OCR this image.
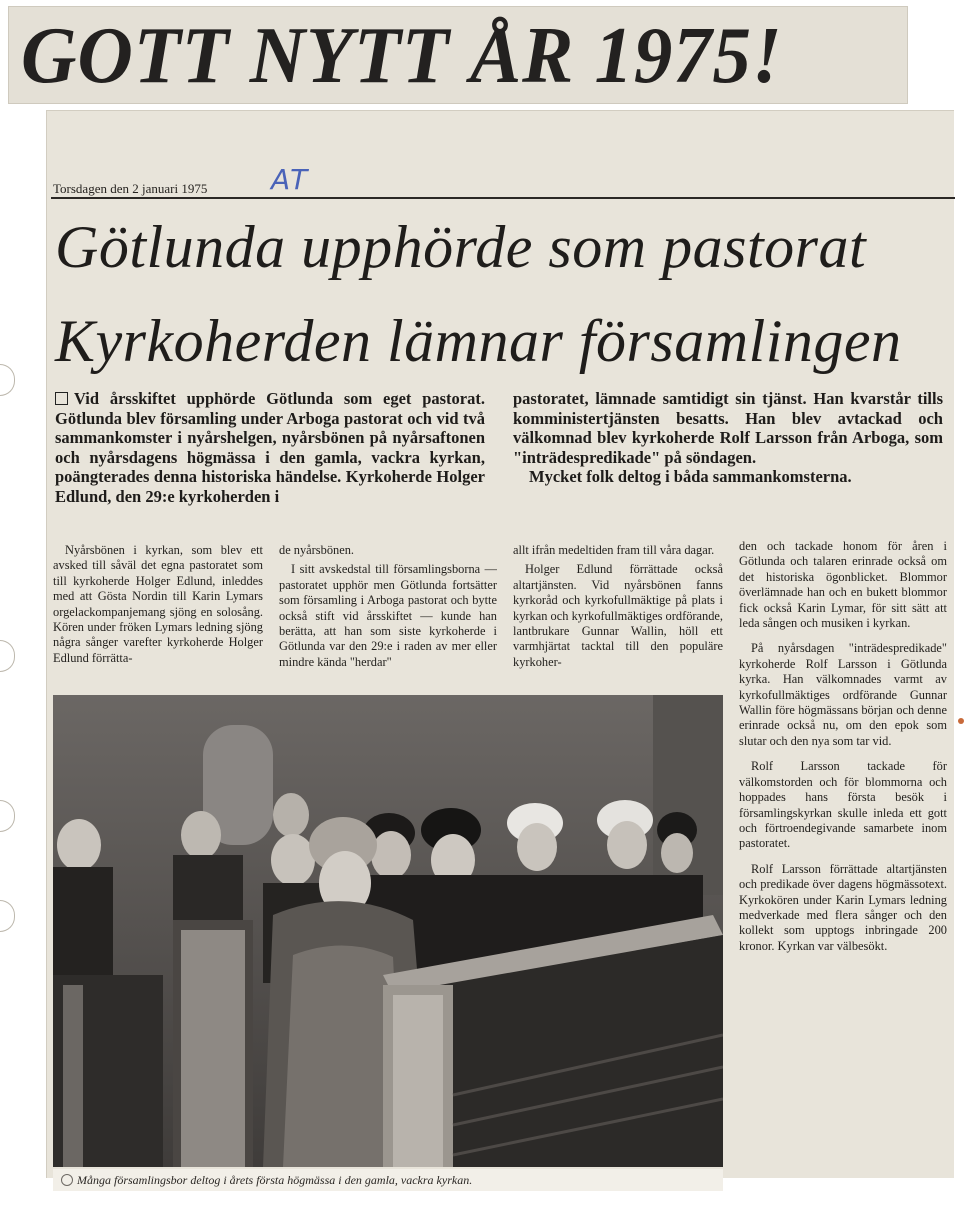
GOTT NYTT ÅR 1975!
Torsdagen den 2 januari 1975 AT
Götlunda upphörde som pastorat
Kyrkoherden lämnar församlingen

Vid årsskiftet upphörde Götlunda som eget pastorat. Götlunda blev församling under Arboga pastorat och vid två sammankomster i nyårshelgen, nyårsbönen på nyårsaftonen och nyårsdagens högmässa i den gamla, vackra kyrkan, poängterades denna historiska händelse. Kyrkoherde Holger Edlund, den 29:e kyrkoherden i

pastoratet, lämnade samtidigt sin tjänst. Han kvarstår tills komministertjänsten besatts. Han blev avtackad och välkomnad blev kyrkoherde Rolf Larsson från Arboga, som "inträdespredikade" på söndagen.

Mycket folk deltog i båda sammankomsterna.

Nyårsbönen i kyrkan, som blev ett avsked till såväl det egna pastoratet som till kyrkoherde Holger Edlund, inleddes med att Gösta Nordin till Karin Lymars orgelackompanjemang sjöng en solosång. Kören under fröken Lymars ledning sjöng några sånger varefter kyrkoherde Holger Edlund förrätta-

de nyårsbönen.

I sitt avskedstal till församlingsborna — pastoratet upphör men Götlunda fortsätter som församling i Arboga pastorat och bytte också stift vid årsskiftet — kunde han berätta, att han som siste kyrkoherde i Götlunda var den 29:e i raden av mer eller mindre kända "herdar"

allt ifrån medeltiden fram till våra dagar.

Holger Edlund förrättade också altartjänsten. Vid nyårsbönen fanns kyrkoråd och kyrkofullmäktige på plats i kyrkan och kyrkofullmäktiges ordförande, lantbrukare Gunnar Wallin, höll ett varmhjärtat tacktal till den populäre kyrkoher-

den och tackade honom för åren i Götlunda och talaren erinrade också om det historiska ögonblicket. Blommor överlämnade han och en bukett blommor fick också Karin Lymar, för sitt sätt att leda sången och musiken i kyrkan.

På nyårsdagen "inträdespredikade" kyrkoherde Rolf Larsson i Götlunda kyrka. Han välkomnades varmt av kyrkofullmäktiges ordförande Gunnar Wallin före högmässans början och denne erinrade också nu, om den epok som slutar och den nya som tar vid.

Rolf Larsson tackade för välkomstorden och för blommorna och hoppades hans första besök i församlingskyrkan skulle inleda ett gott och förtroendegivande samarbete inom pastoratet.

Rolf Larsson förrättade altartjänsten och predikade över dagens högmässotext. Kyrkokören under Karin Lymars ledning medverkade med flera sånger och den kollekt som upptogs inbringade 200 kronor. Kyrkan var välbesökt.

Många församlingsbor deltog i årets första högmässa i den gamla, vackra kyrkan.
